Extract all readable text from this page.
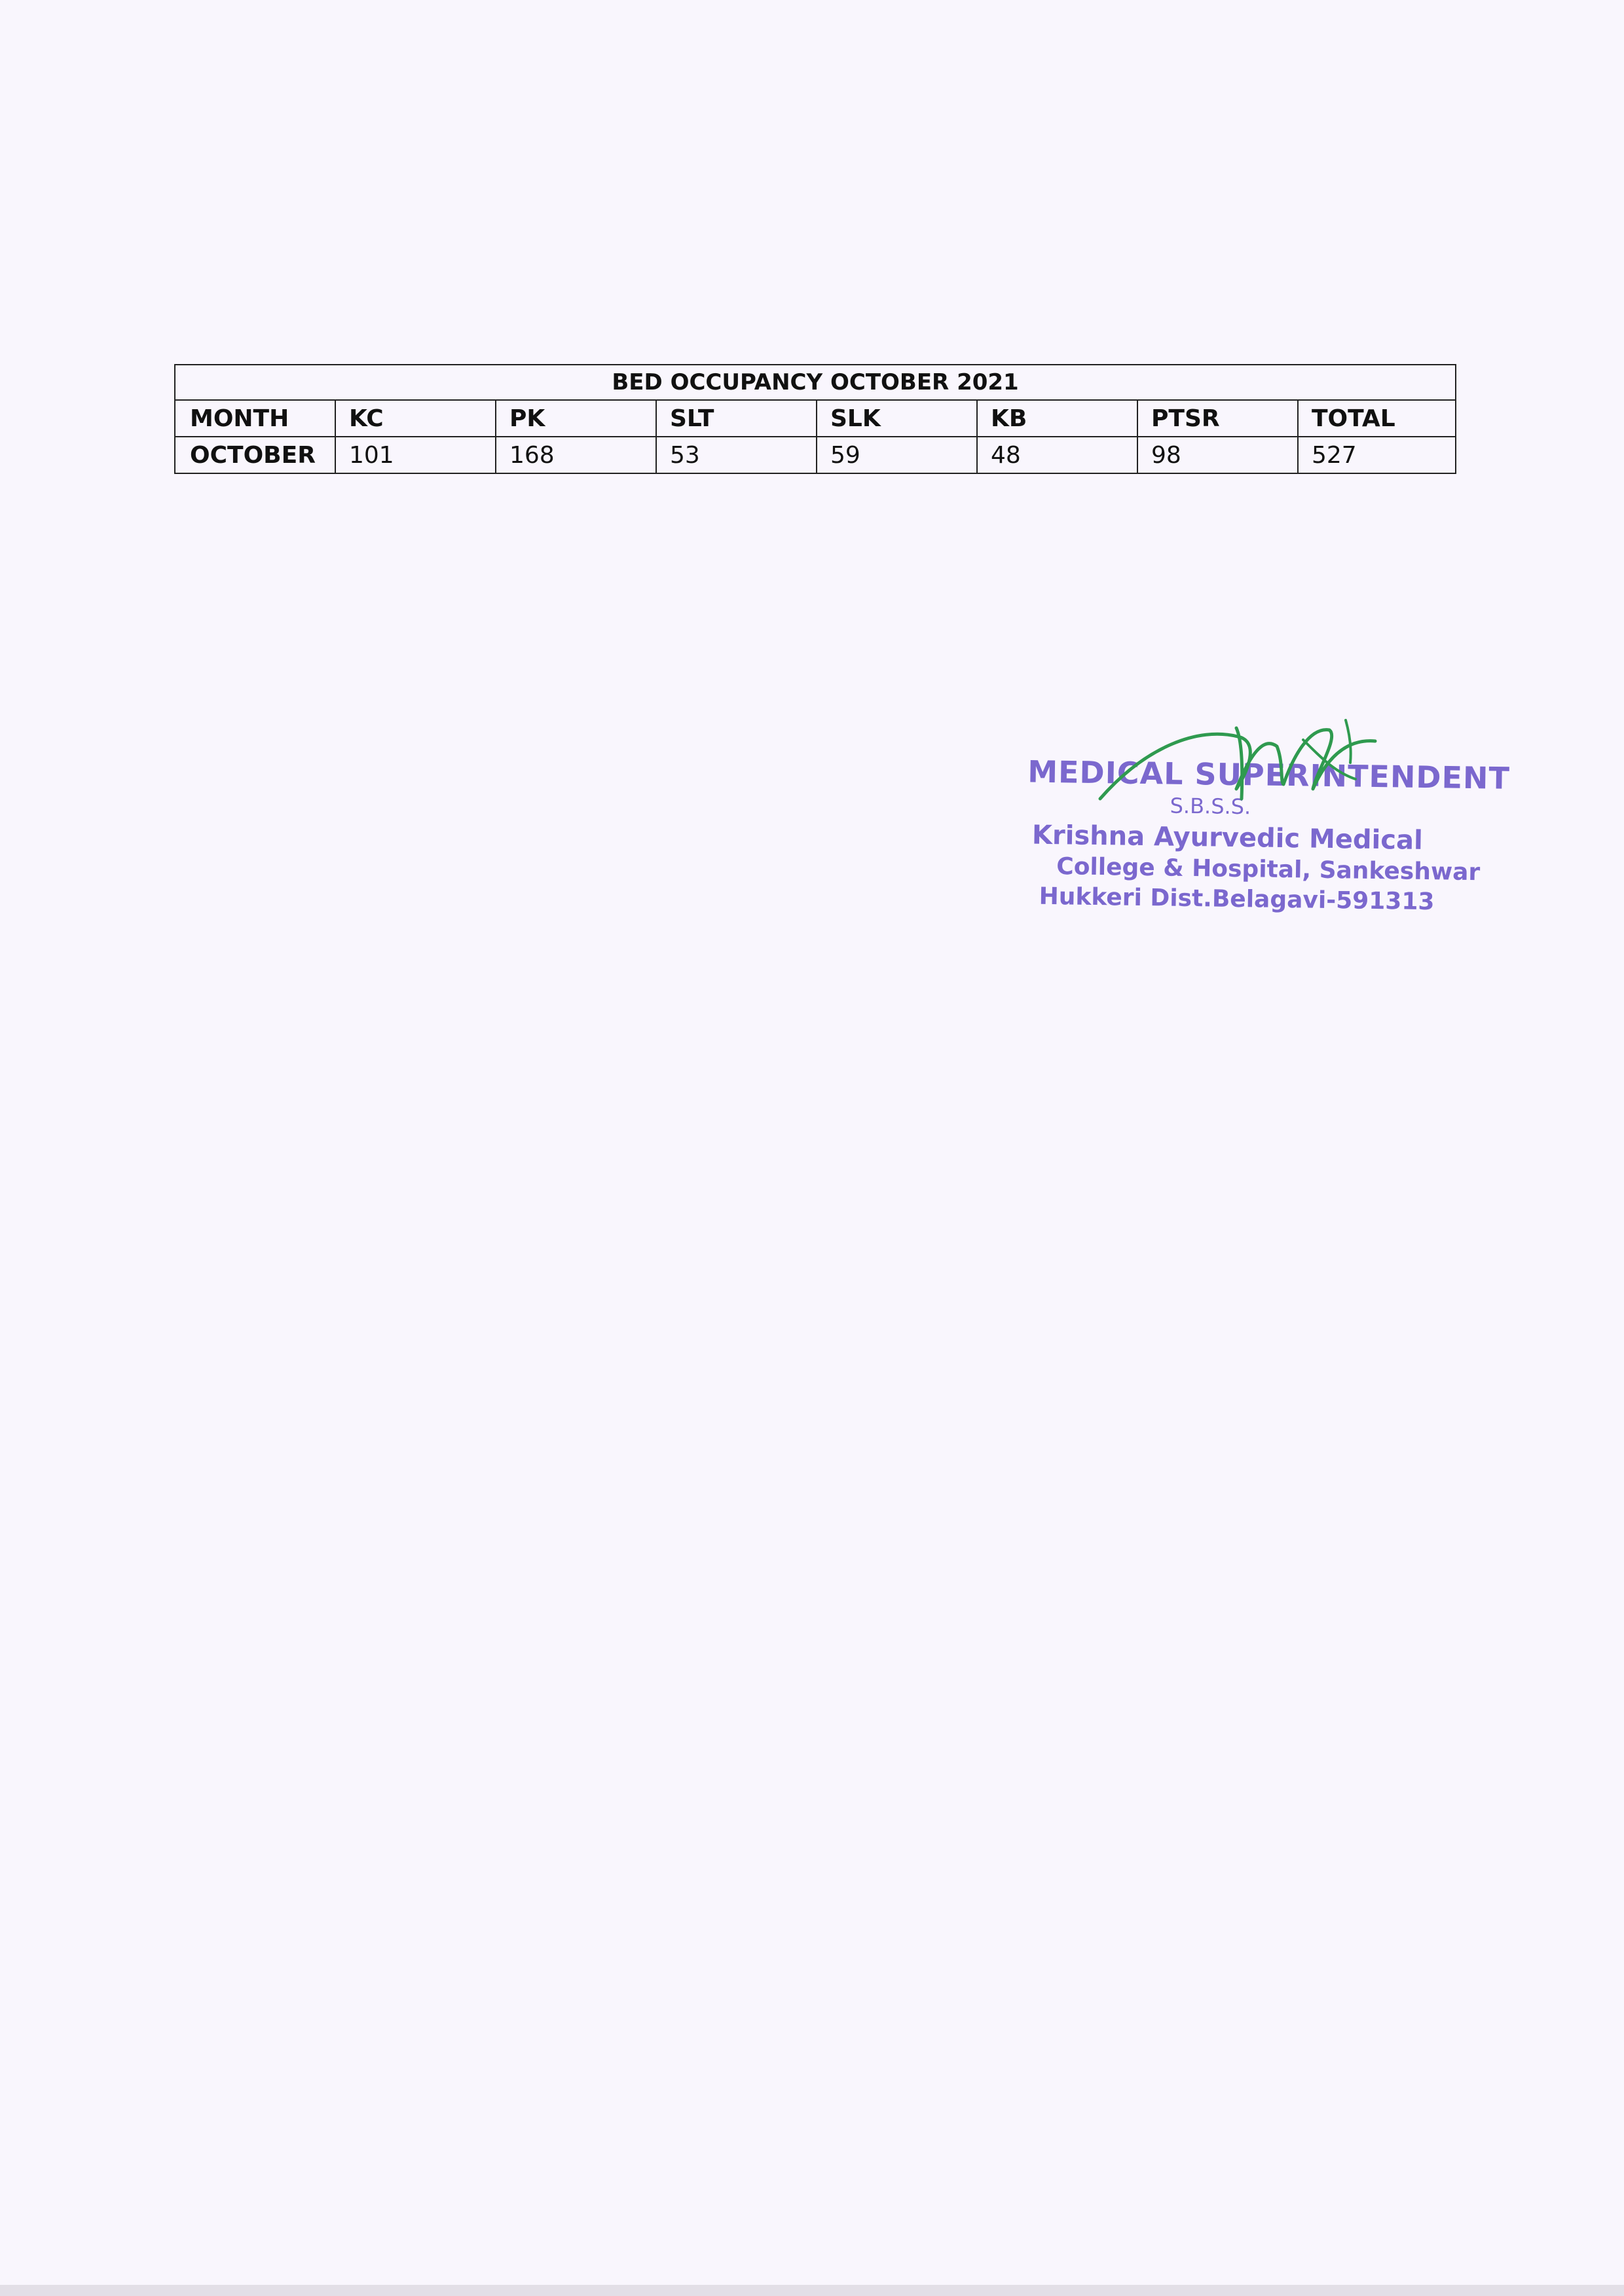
BED OCCUPANCY OCTOBER 2021							
MONTH	KC	PK	SLT	SLK	KB	PTSR	TOTAL
OCTOBER	101	168	53	59	48	98	527
MEDICAL SUPERINTENDENT
S.B.S.S.
Krishna Ayurvedic Medical
College & Hospital, Sankeshwar
Hukkeri Dist.Belagavi-591313
